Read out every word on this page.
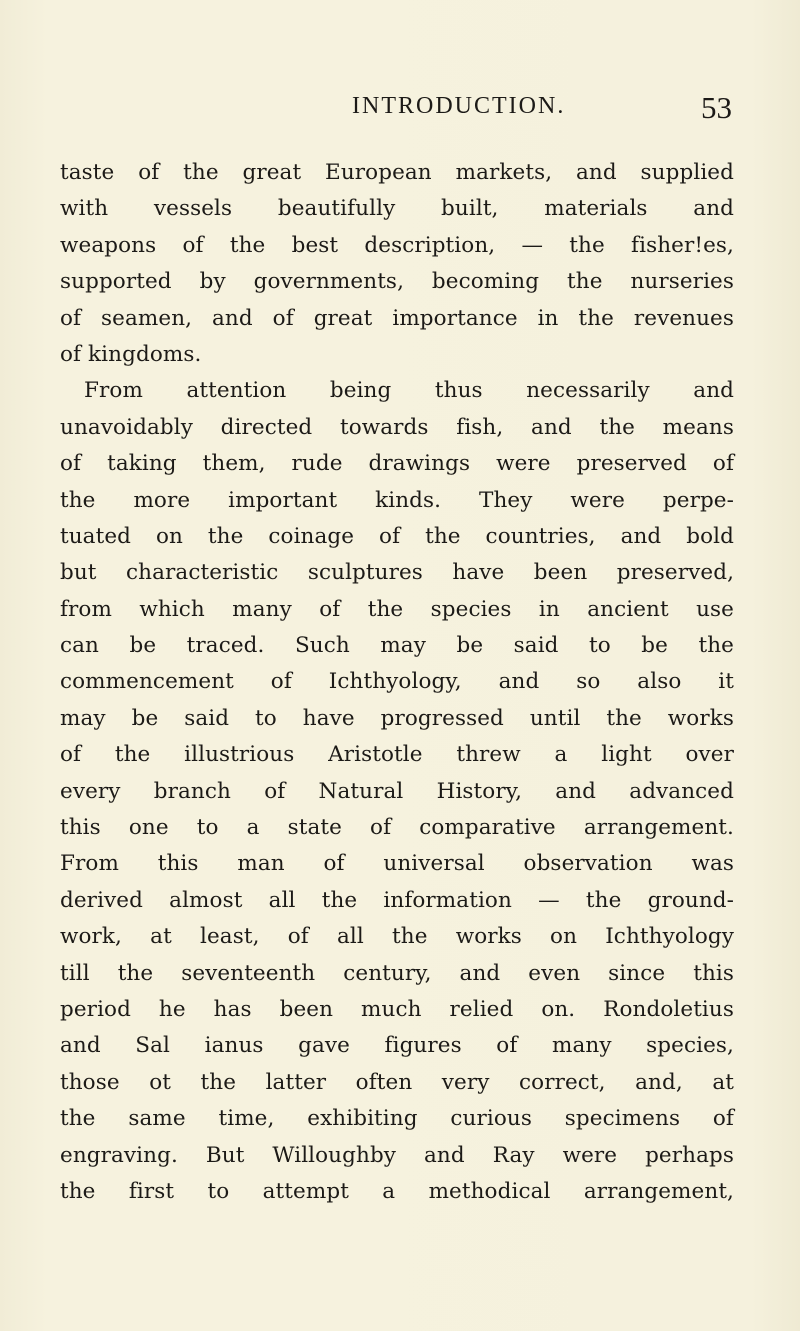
INTRODUCTION.	53
taste of the great European markets, and supplied
with vessels beautifully built, materials and
weapons of the best description, — the fisher!es,
supported by governments, becoming the nurseries
of seamen, and of great importance in the revenues
of kingdoms.
From attention being thus necessarily and
unavoidably directed towards fish, and the means
of taking them, rude drawings were preserved of
the more important kinds. They were perpe-
tuated on the coinage of the countries, and bold
but characteristic sculptures have been preserved,
from which many of the species in ancient use
can be traced. Such may be said to be the
commencement of Ichthyology, and so also it
may be said to have progressed until the works
of the illustrious Aristotle threw a light over
every branch of Natural History, and advanced
this one to a state of comparative arrangement.
From this man of universal observation was
derived almost all the information — the ground-
work, at least, of all the works on Ichthyology
till the seventeenth century, and even since this
period he has been much relied on. Rondoletius
and Sal ianus gave figures of many species,
those ot the latter often very correct, and, at
the same time, exhibiting curious specimens of
engraving. But Willoughby and Ray were perhaps
the first to attempt a methodical arrangement,
